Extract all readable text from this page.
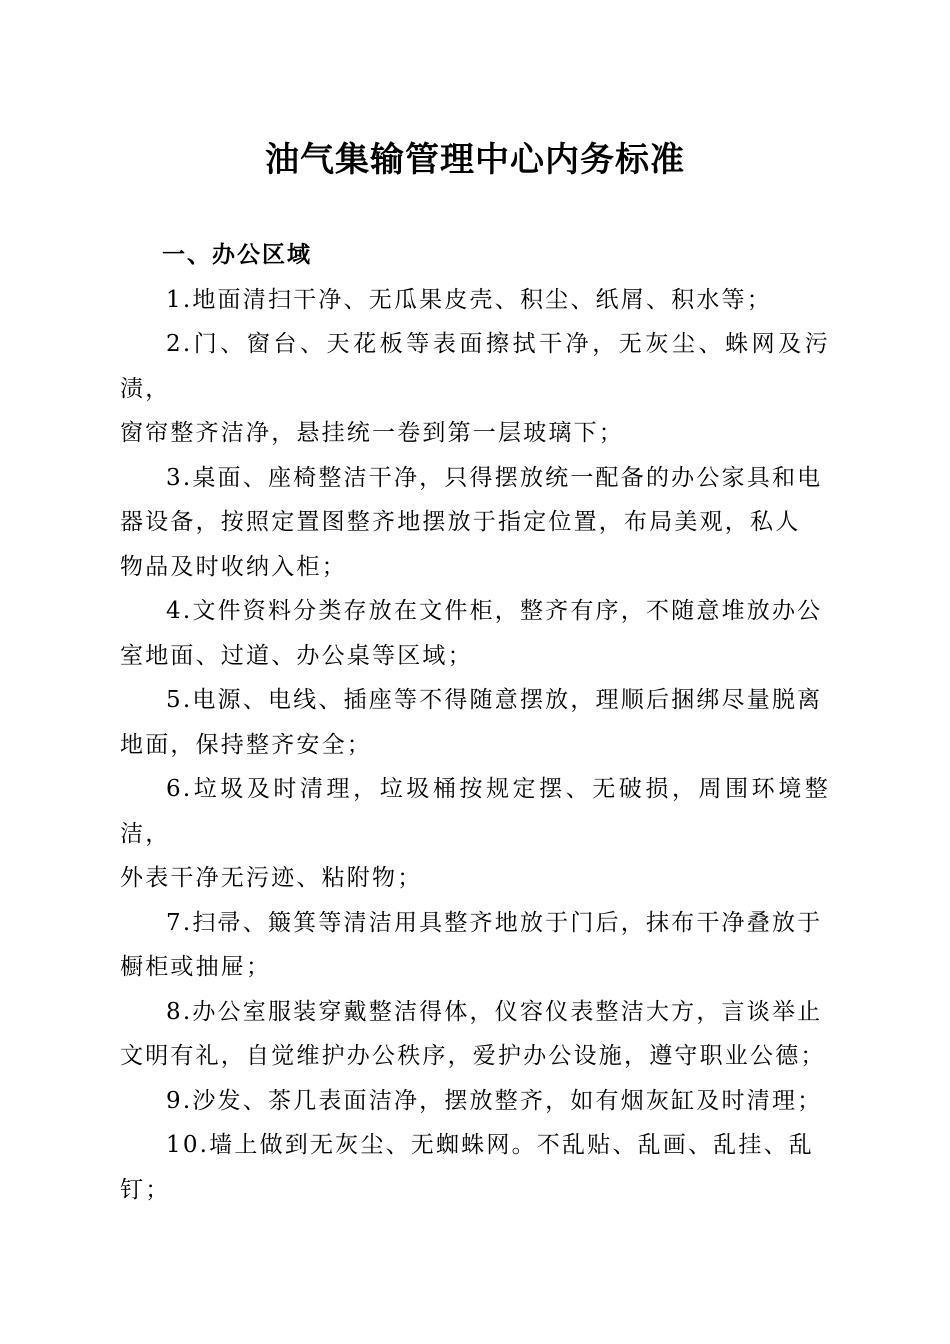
油气集输管理中心内务标准
一、办公区域
1.地面清扫干净、无瓜果皮壳、积尘、纸屑、积水等；
2.门、窗台、天花板等表面擦拭干净，无灰尘、蛛网及污渍，
窗帘整齐洁净，悬挂统一卷到第一层玻璃下；
3.桌面、座椅整洁干净，只得摆放统一配备的办公家具和电
器设备，按照定置图整齐地摆放于指定位置，布局美观，私人
物品及时收纳入柜；
4.文件资料分类存放在文件柜，整齐有序，不随意堆放办公
室地面、过道、办公桌等区域；
5.电源、电线、插座等不得随意摆放，理顺后捆绑尽量脱离
地面，保持整齐安全；
6.垃圾及时清理，垃圾桶按规定摆、无破损，周围环境整洁，
外表干净无污迹、粘附物；
7.扫帚、簸箕等清洁用具整齐地放于门后，抹布干净叠放于
橱柜或抽屉；
8.办公室服装穿戴整洁得体，仪容仪表整洁大方，言谈举止
文明有礼，自觉维护办公秩序，爱护办公设施，遵守职业公德；
9.沙发、茶几表面洁净，摆放整齐，如有烟灰缸及时清理；
10.墙上做到无灰尘、无蜘蛛网。不乱贴、乱画、乱挂、乱
钉；
